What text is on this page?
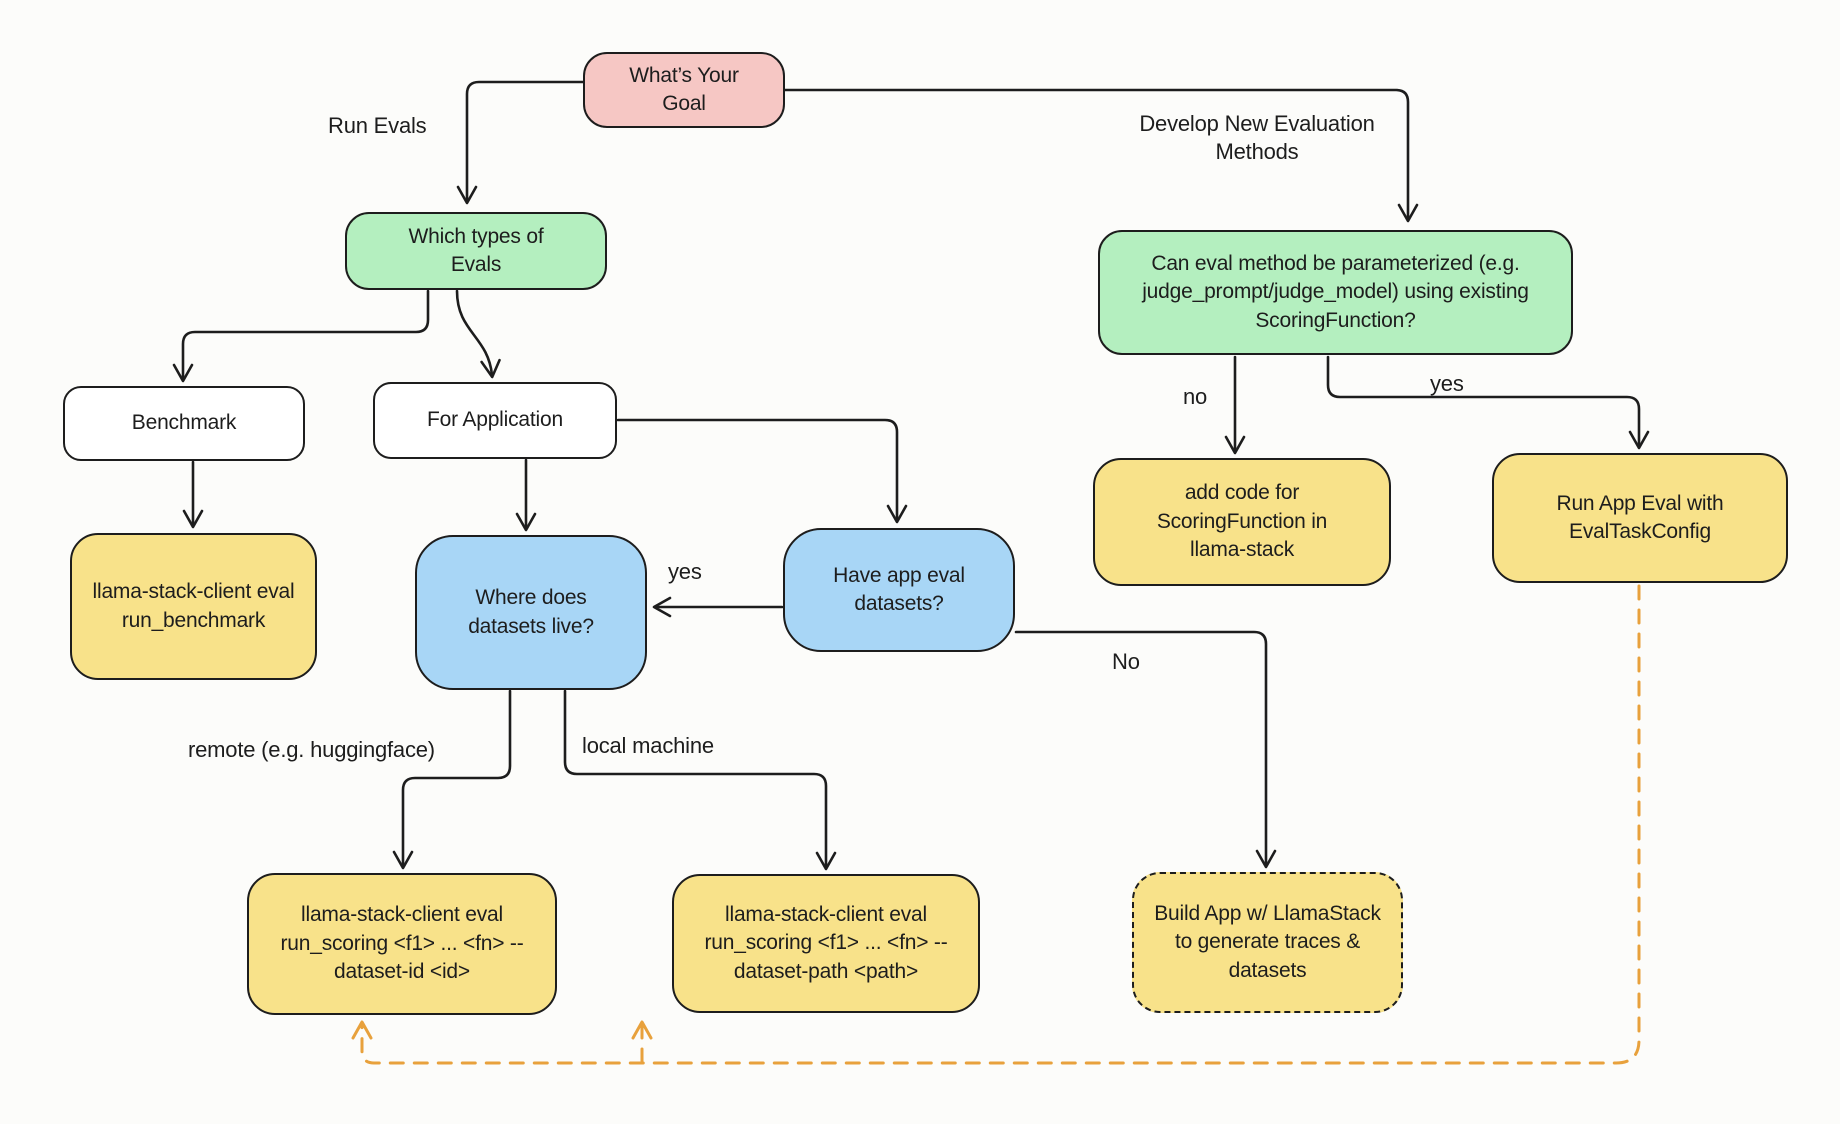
What’s Your Goal
Which types of Evals
Benchmark	For Application
llama-stack-client eval run_benchmark
Where does datasets live?
Have app eval datasets?
Can eval method be parameterized (e.g. judge_prompt/judge_model) using existing ScoringFunction?
add code for ScoringFunction in llama-stack
Run App Eval with EvalTaskConfig
llama-stack-client eval run_scoring <f1> ... <fn> --dataset-id <id>
llama-stack-client eval run_scoring <f1> ... <fn> --dataset-path <path>
Build App w/ LlamaStack to generate traces & datasets
Run Evals	Develop New Evaluation Methods
yes
No
no
yes
remote (e.g. huggingface)	local machine
